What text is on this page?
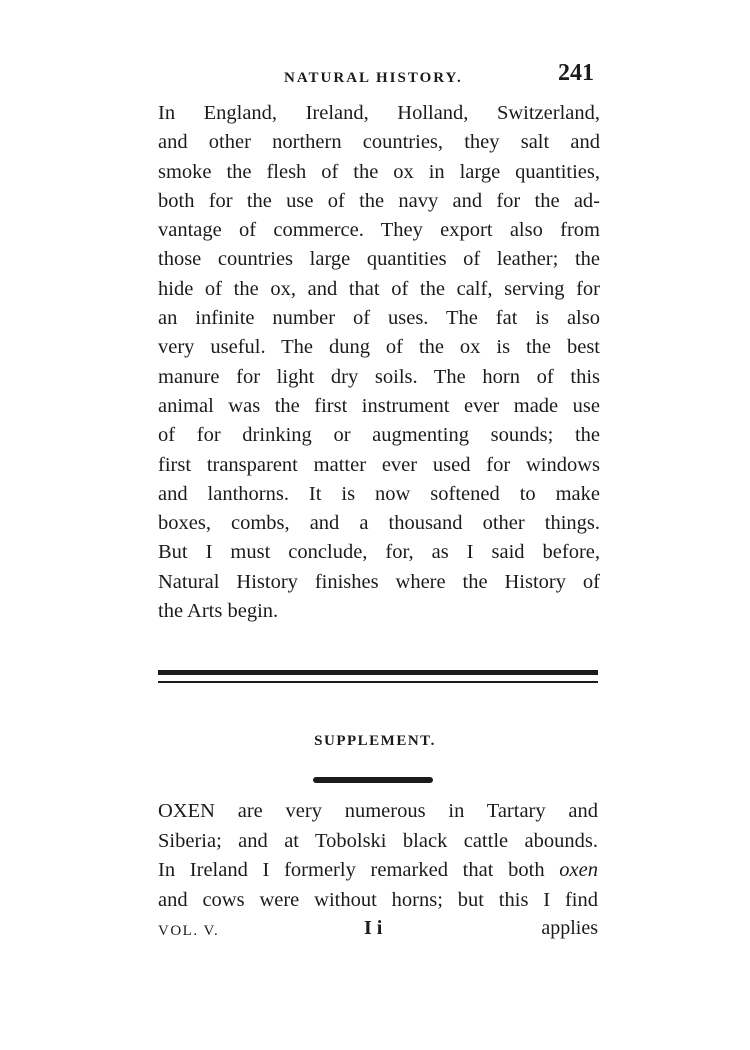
NATURAL HISTORY.	241
In England, Ireland, Holland, Switzerland,
and other northern countries, they salt and
smoke the flesh of the ox in large quantities,
both for the use of the navy and for the ad-
vantage of commerce. They export also from
those countries large quantities of leather; the
hide of the ox, and that of the calf, serving for
an infinite number of uses. The fat is also
very useful. The dung of the ox is the best
manure for light dry soils. The horn of this
animal was the first instrument ever made use
of for drinking or augmenting sounds; the
first transparent matter ever used for windows
and lanthorns. It is now softened to make
boxes, combs, and a thousand other things.
But I must conclude, for, as I said before,
Natural History finishes where the History of
the Arts begin.
SUPPLEMENT.
OXEN are very numerous in Tartary and
Siberia; and at Tobolski black cattle abounds.
In Ireland I formerly remarked that both oxen
and cows were without horns; but this I find
VOL. V.	I i	applies
